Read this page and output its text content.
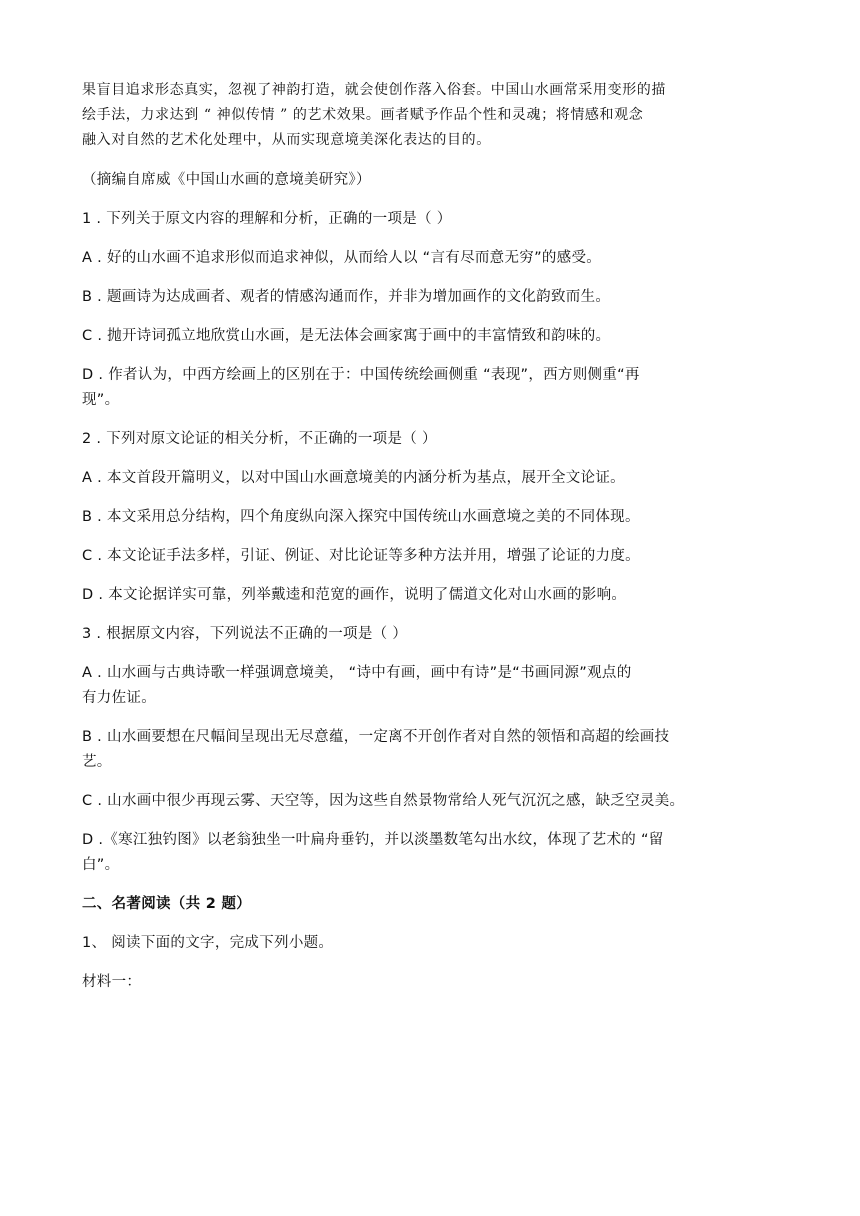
果盲目追求形态真实，忽视了神韵打造，就会使创作落入俗套。中国山水画常采用变形的描

绘手法，力求达到 “ 神似传情 ” 的艺术效果。画者赋予作品个性和灵魂；将情感和观念

融入对自然的艺术化处理中，从而实现意境美深化表达的目的。

（摘编自席威《中国山水画的意境美研究》）

1 . 下列关于原文内容的理解和分析，正确的一项是（ ）

A . 好的山水画不追求形似而追求神似，从而给人以 “言有尽而意无穷”的感受。

B . 题画诗为达成画者、观者的情感沟通而作，并非为增加画作的文化韵致而生。

C . 抛开诗词孤立地欣赏山水画，是无法体会画家寓于画中的丰富情致和韵味的。

D . 作者认为，中西方绘画上的区别在于：中国传统绘画侧重 “表现”，西方则侧重“再

现”。

2 . 下列对原文论证的相关分析，不正确的一项是（ ）

A . 本文首段开篇明义，以对中国山水画意境美的内涵分析为基点，展开全文论证。

B . 本文采用总分结构，四个角度纵向深入探究中国传统山水画意境之美的不同体现。

C . 本文论证手法多样，引证、例证、对比论证等多种方法并用，增强了论证的力度。

D . 本文论据详实可靠，列举戴逵和范宽的画作，说明了儒道文化对山水画的影响。

3 . 根据原文内容，下列说法不正确的一项是（ ）

A . 山水画与古典诗歌一样强调意境美， “诗中有画，画中有诗”是“书画同源”观点的

有力佐证。

B . 山水画要想在尺幅间呈现出无尽意蕴，一定离不开创作者对自然的领悟和高超的绘画技

艺。

C . 山水画中很少再现云雾、天空等，因为这些自然景物常给人死气沉沉之感，缺乏空灵美。

D .《寒江独钓图》以老翁独坐一叶扁舟垂钓，并以淡墨数笔勾出水纹，体现了艺术的 “留

白”。

二、名著阅读（共 2 题）

1、 阅读下面的文字，完成下列小题。

材料一：
